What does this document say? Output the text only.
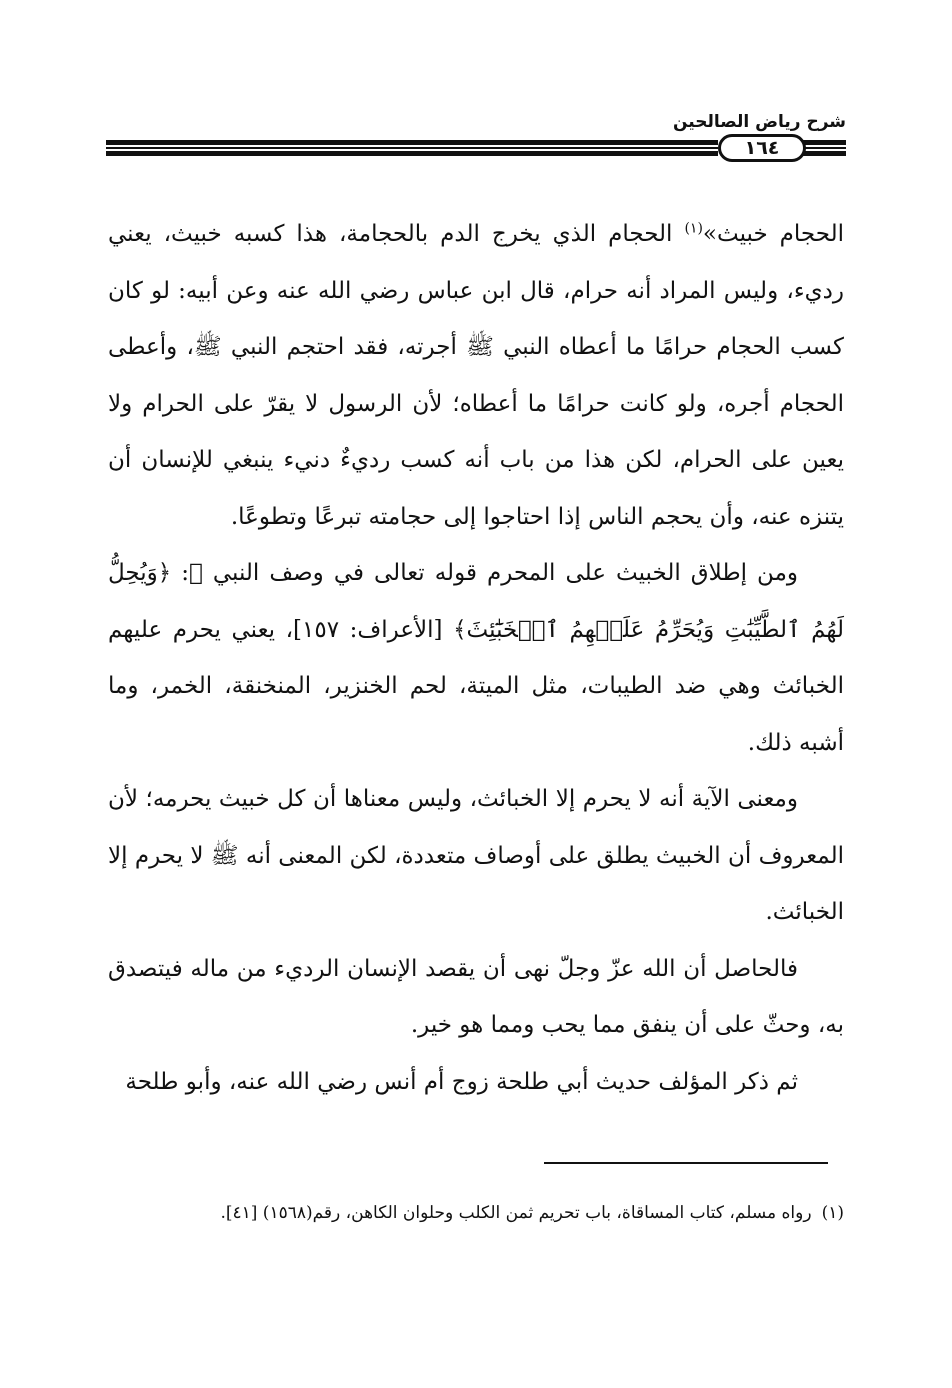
شرح رياض الصالحين
١٦٤

الحجام خبيث»$^{(١)}$ الحجام الذي يخرج الدم بالحجامة، هذا كسبه خبيث، يعني رديء، وليس المراد أنه حرام، قال ابن عباس رضي الله عنه وعن أبيه: لو كان كسب الحجام حرامًا ما أعطاه النبي ﷺ أجرته، فقد احتجم النبي ﷺ، وأعطى الحجام أجره، ولو كانت حرامًا ما أعطاه؛ لأن الرسول لا يقرّ على الحرام ولا يعين على الحرام، لكن هذا من باب أنه كسب رديءٌ دنيء ينبغي للإنسان أن يتنزه عنه، وأن يحجم الناس إذا احتاجوا إلى حجامته تبرعًا وتطوعًا.

ومن إطلاق الخبيث على المحرم قوله تعالى في وصف النبي ﷺ: ﴿وَيُحِلُّ لَهُمُ ٱلطَّيِّبَٰتِ وَيُحَرِّمُ عَلَيۡهِمُ ٱلۡخَبَٰٓئِثَ﴾ [الأعراف: ١٥٧]، يعني يحرم عليهم الخبائث وهي ضد الطيبات، مثل الميتة، لحم الخنزير، المنخنقة، الخمر، وما أشبه ذلك.

ومعنى الآية أنه لا يحرم إلا الخبائث، وليس معناها أن كل خبيث يحرمه؛ لأن المعروف أن الخبيث يطلق على أوصاف متعددة، لكن المعنى أنه ﷺ لا يحرم إلا الخبائث.

فالحاصل أن الله عزّ وجلّ نهى أن يقصد الإنسان الرديء من ماله فيتصدق به، وحثّ على أن ينفق مما يحب ومما هو خير.

ثم ذكر المؤلف حديث أبي طلحة زوج أم أنس رضي الله عنه، وأبو طلحة

(١)رواه مسلم، كتاب المساقاة، باب تحريم ثمن الكلب وحلوان الكاهن، رقم(١٥٦٨) [٤١].
